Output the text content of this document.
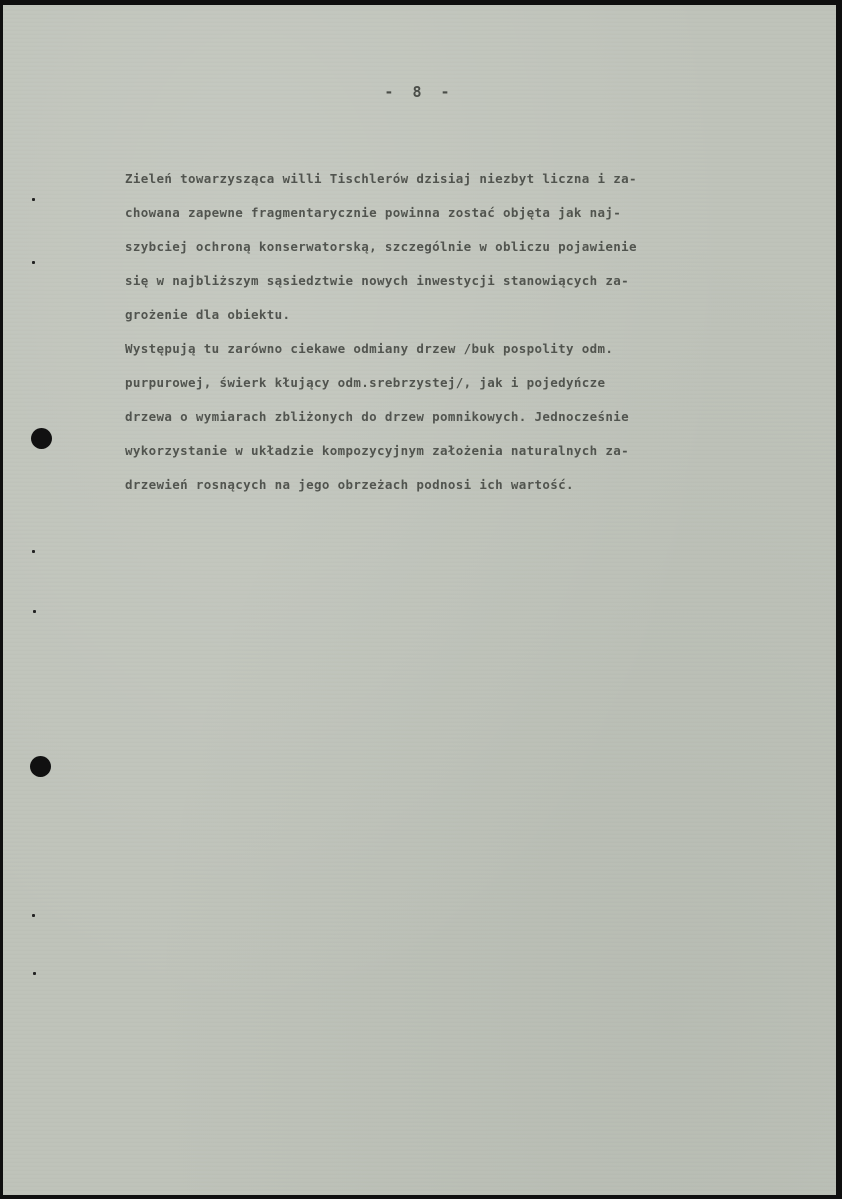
- 8 -
Zieleń towarzysząca willi Tischlerów dzisiaj niezbyt liczna i za-
chowana zapewne fragmentarycznie powinna zostać objęta jak naj-
szybciej ochroną konserwatorską, szczególnie w obliczu pojawienie
się w najbliższym sąsiedztwie nowych inwestycji stanowiących za-
grożenie dla obiektu.
Występują tu zarówno ciekawe odmiany drzew /buk pospolity odm.
purpurowej, świerk kłujący odm.srebrzystej/, jak i pojedyńcze
drzewa o wymiarach zbliżonych do drzew pomnikowych. Jednocześnie
wykorzystanie w układzie kompozycyjnym założenia naturalnych za-
drzewień rosnących na jego obrzeżach podnosi ich wartość.
